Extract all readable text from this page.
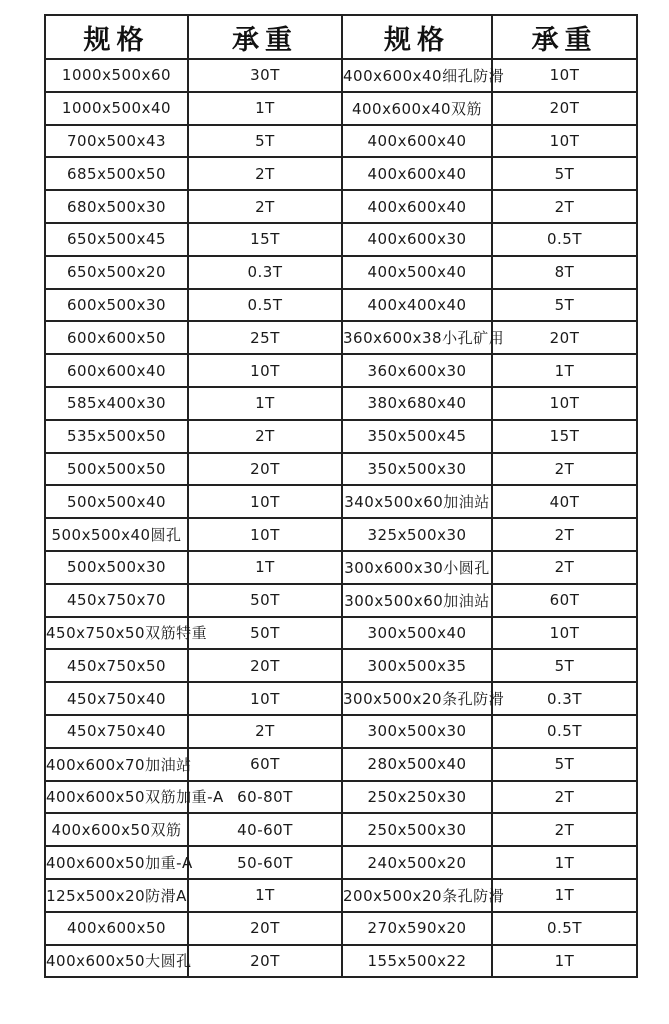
规格	承重	规格	承重
1000x500x60	30T	400x600x40细孔防滑	10T
1000x500x40	1T	400x600x40双筋	20T
700x500x43	5T	400x600x40	10T
685x500x50	2T	400x600x40	5T
680x500x30	2T	400x600x40	2T
650x500x45	15T	400x600x30	0.5T
650x500x20	0.3T	400x500x40	8T
600x500x30	0.5T	400x400x40	5T
600x600x50	25T	360x600x38小孔矿用	20T
600x600x40	10T	360x600x30	1T
585x400x30	1T	380x680x40	10T
535x500x50	2T	350x500x45	15T
500x500x50	20T	350x500x30	2T
500x500x40	10T	340x500x60加油站	40T
500x500x40圆孔	10T	325x500x30	2T
500x500x30	1T	300x600x30小圆孔	2T
450x750x70	50T	300x500x60加油站	60T
450x750x50双筋特重	50T	300x500x40	10T
450x750x50	20T	300x500x35	5T
450x750x40	10T	300x500x20条孔防滑	0.3T
450x750x40	2T	300x500x30	0.5T
400x600x70加油站	60T	280x500x40	5T
400x600x50双筋加重-A	60-80T	250x250x30	2T
400x600x50双筋	40-60T	250x500x30	2T
400x600x50加重-A	50-60T	240x500x20	1T
125x500x20防滑A	1T	200x500x20条孔防滑	1T
400x600x50	20T	270x590x20	0.5T
400x600x50大圆孔	20T	155x500x22	1T
